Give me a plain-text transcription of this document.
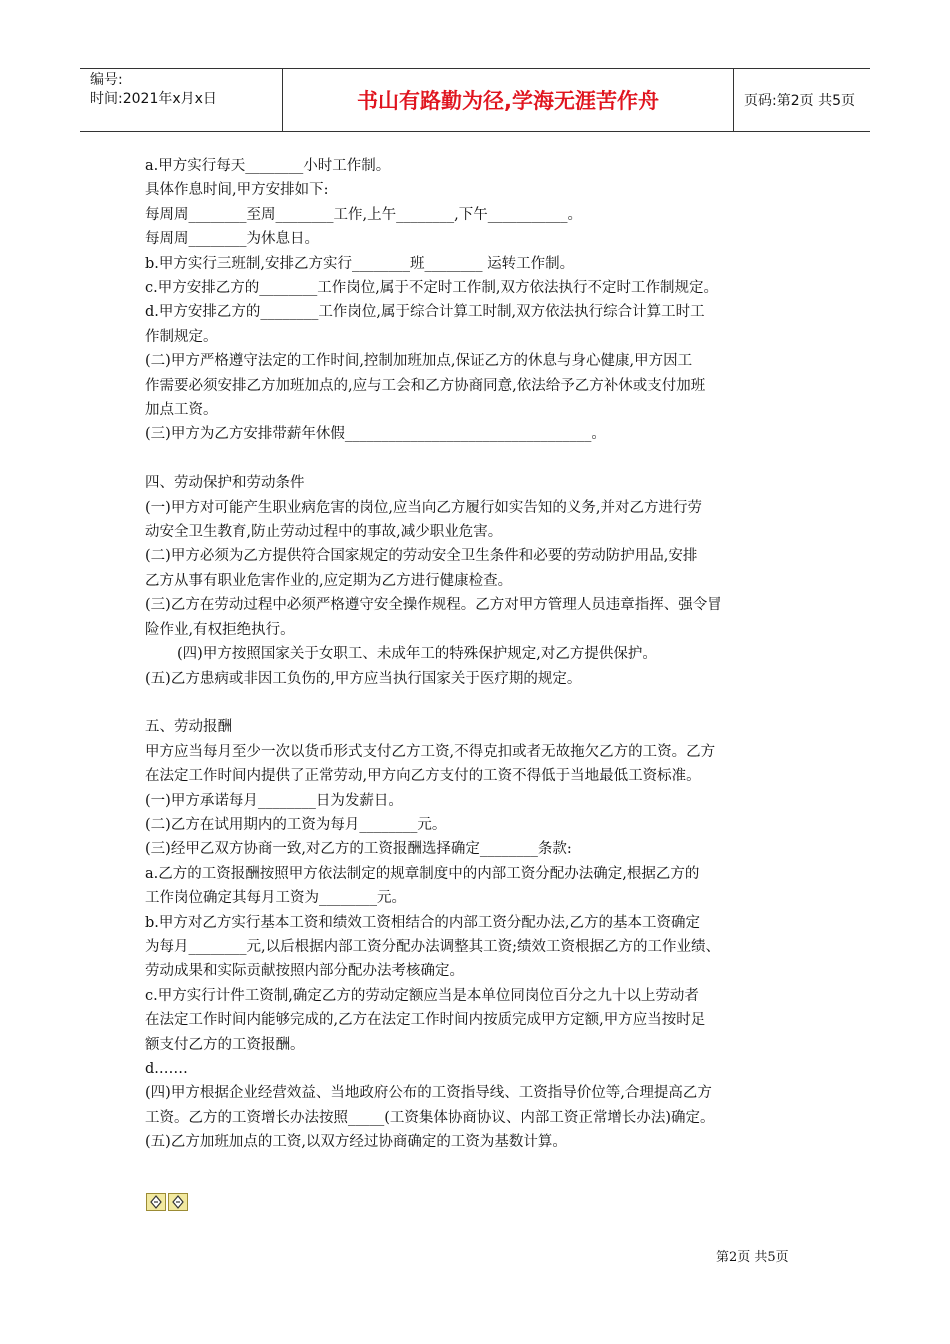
编号:
时间:2021年x月x日	书山有路勤为径,学海无涯苦作舟	页码:第2页 共5页
a.甲方实行每天________小时工作制。
具体作息时间,甲方安排如下:
每周周________至周________工作,上午________,下午___________。
每周周________为休息日。
b.甲方实行三班制,安排乙方实行________班________ 运转工作制。
c.甲方安排乙方的________工作岗位,属于不定时工作制,双方依法执行不定时工作制规定。
d.甲方安排乙方的________工作岗位,属于综合计算工时制,双方依法执行综合计算工时工
作制规定。
(二)甲方严格遵守法定的工作时间,控制加班加点,保证乙方的休息与身心健康,甲方因工
作需要必须安排乙方加班加点的,应与工会和乙方协商同意,依法给予乙方补休或支付加班
加点工资。
(三)甲方为乙方安排带薪年休假__________________________________。
四、劳动保护和劳动条件
(一)甲方对可能产生职业病危害的岗位,应当向乙方履行如实告知的义务,并对乙方进行劳
动安全卫生教育,防止劳动过程中的事故,减少职业危害。
(二)甲方必须为乙方提供符合国家规定的劳动安全卫生条件和必要的劳动防护用品,安排
乙方从事有职业危害作业的,应定期为乙方进行健康检查。
(三)乙方在劳动过程中必须严格遵守安全操作规程。乙方对甲方管理人员违章指挥、强令冒
险作业,有权拒绝执行。
(四)甲方按照国家关于女职工、未成年工的特殊保护规定,对乙方提供保护。
(五)乙方患病或非因工负伤的,甲方应当执行国家关于医疗期的规定。
五、劳动报酬
甲方应当每月至少一次以货币形式支付乙方工资,不得克扣或者无故拖欠乙方的工资。乙方
在法定工作时间内提供了正常劳动,甲方向乙方支付的工资不得低于当地最低工资标准。
(一)甲方承诺每月________日为发薪日。
(二)乙方在试用期内的工资为每月________元。
(三)经甲乙双方协商一致,对乙方的工资报酬选择确定________条款:
a.乙方的工资报酬按照甲方依法制定的规章制度中的内部工资分配办法确定,根据乙方的
工作岗位确定其每月工资为________元。
b.甲方对乙方实行基本工资和绩效工资相结合的内部工资分配办法,乙方的基本工资确定
为每月________元,以后根据内部工资分配办法调整其工资;绩效工资根据乙方的工作业绩、
劳动成果和实际贡献按照内部分配办法考核确定。
c.甲方实行计件工资制,确定乙方的劳动定额应当是本单位同岗位百分之九十以上劳动者
在法定工作时间内能够完成的,乙方在法定工作时间内按质完成甲方定额,甲方应当按时足
额支付乙方的工资报酬。
d.……
(四)甲方根据企业经营效益、当地政府公布的工资指导线、工资指导价位等,合理提高乙方
工资。乙方的工资增长办法按照_____(工资集体协商协议、内部工资正常增长办法)确定。
(五)乙方加班加点的工资,以双方经过协商确定的工资为基数计算。
第2页 共5页
